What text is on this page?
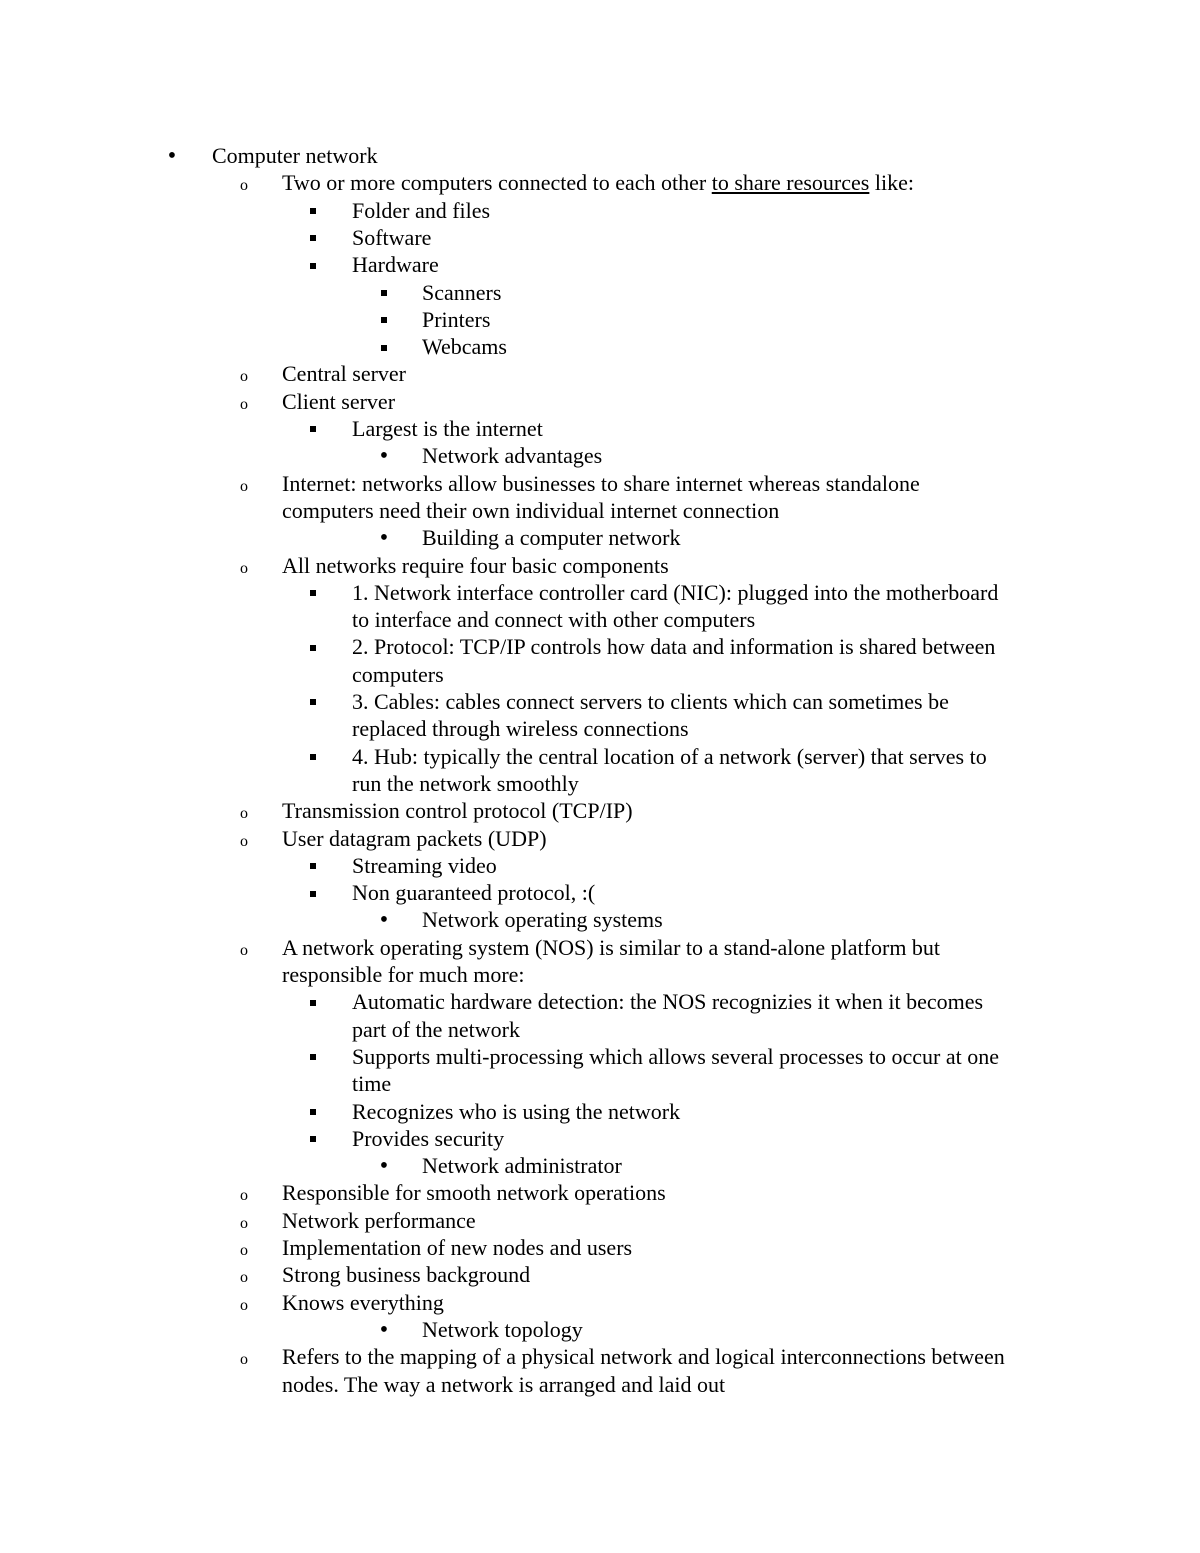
•
Computer network
o
Two or more computers connected to each other to share resources like:
Folder and files
Software
Hardware
Scanners
Printers
Webcams
o
Central server
o
Client server
Largest is the internet
•
Network advantages
o
Internet: networks allow businesses to share internet whereas standalone
computers need their own individual internet connection
•
Building a computer network
o
All networks require four basic components
1. Network interface controller card (NIC): plugged into the motherboard
to interface and connect with other computers
2. Protocol: TCP/IP controls how data and information is shared between
computers
3. Cables: cables connect servers to clients which can sometimes be
replaced through wireless connections
4. Hub: typically the central location of a network (server) that serves to
run the network smoothly
o
Transmission control protocol (TCP/IP)
o
User datagram packets (UDP)
Streaming video
Non guaranteed protocol, :(
•
Network operating systems
o
A network operating system (NOS) is similar to a stand-alone platform but
responsible for much more:
Automatic hardware detection: the NOS recognizies it when it becomes
part of the network
Supports multi-processing which allows several processes to occur at one
time
Recognizes who is using the network
Provides security
•
Network administrator
o
Responsible for smooth network operations
o
Network performance
o
Implementation of new nodes and users
o
Strong business background
o
Knows everything
•
Network topology
o
Refers to the mapping of a physical network and logical interconnections between
nodes. The way a network is arranged and laid out
